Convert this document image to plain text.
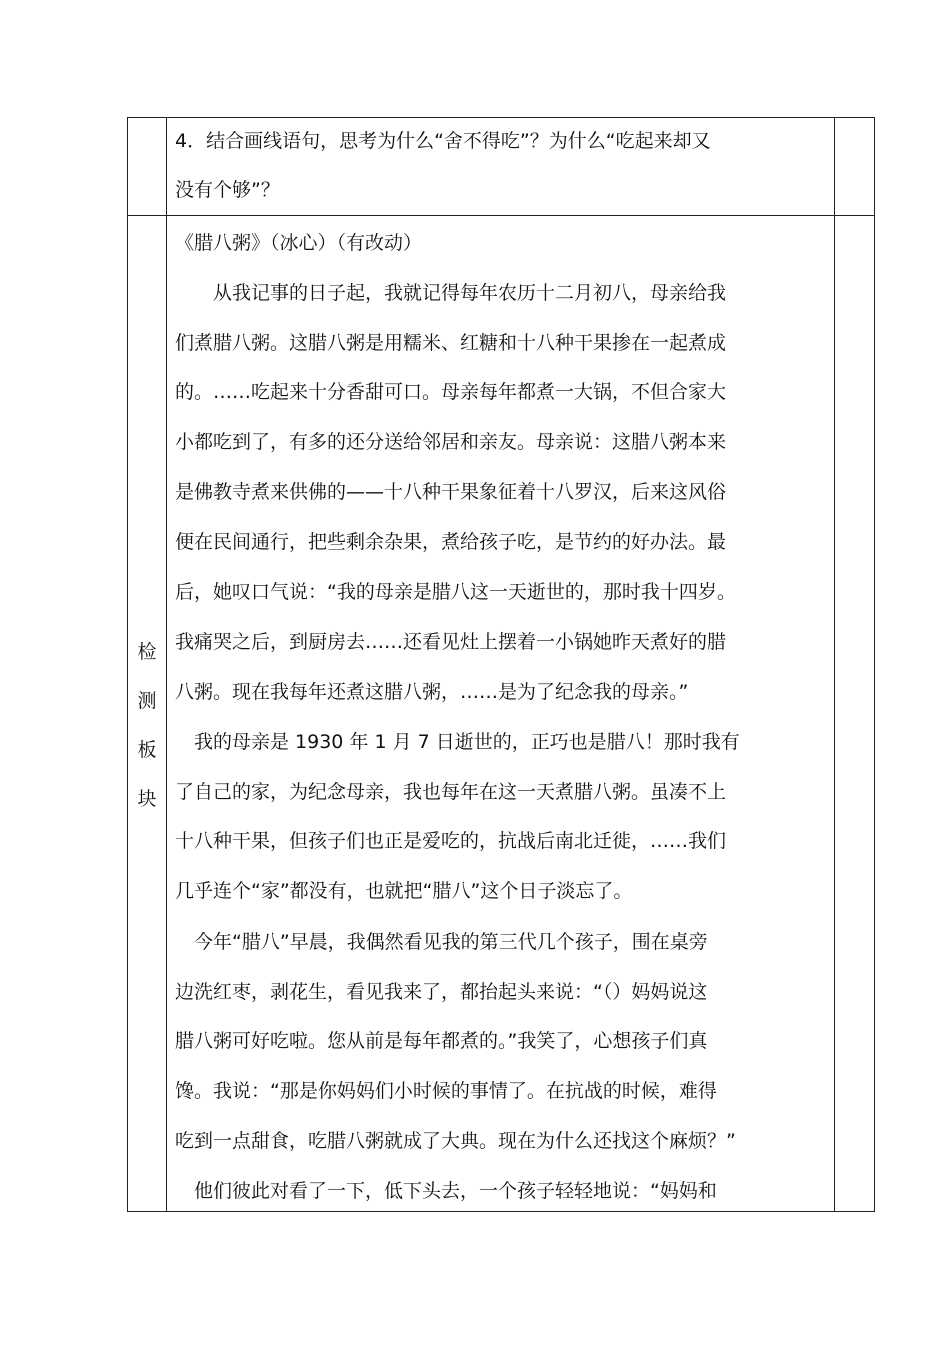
4．结合画线语句，思考为什么“舍不得吃”？为什么“吃起来却又
没有个够”？
检
测
板
块
《腊八粥》（冰心）（有改动）
　　从我记事的日子起，我就记得每年农历十二月初八，母亲给我
们煮腊八粥。这腊八粥是用糯米、红糖和十八种干果掺在一起煮成
的。……吃起来十分香甜可口。母亲每年都煮一大锅，不但合家大
小都吃到了，有多的还分送给邻居和亲友。母亲说：这腊八粥本来
是佛教寺煮来供佛的——十八种干果象征着十八罗汉，后来这风俗
便在民间通行，把些剩余杂果，煮给孩子吃，是节约的好办法。最
后，她叹口气说：“我的母亲是腊八这一天逝世的，那时我十四岁。
我痛哭之后，到厨房去……还看见灶上摆着一小锅她昨天煮好的腊
八粥。现在我每年还煮这腊八粥，……是为了纪念我的母亲。”
　我的母亲是 1930 年 1 月 7 日逝世的，正巧也是腊八！那时我有
了自己的家，为纪念母亲，我也每年在这一天煮腊八粥。虽凑不上
十八种干果，但孩子们也正是爱吃的，抗战后南北迁徙，……我们
几乎连个“家”都没有，也就把“腊八”这个日子淡忘了。
　今年“腊八”早晨，我偶然看见我的第三代几个孩子，围在桌旁
边洗红枣，剥花生，看见我来了，都抬起头来说：“（）妈妈说这
腊八粥可好吃啦。您从前是每年都煮的。”我笑了，心想孩子们真
馋。我说：“那是你妈妈们小时候的事情了。在抗战的时候，难得
吃到一点甜食，吃腊八粥就成了大典。现在为什么还找这个麻烦？”
　他们彼此对看了一下，低下头去，一个孩子轻轻地说：“妈妈和
